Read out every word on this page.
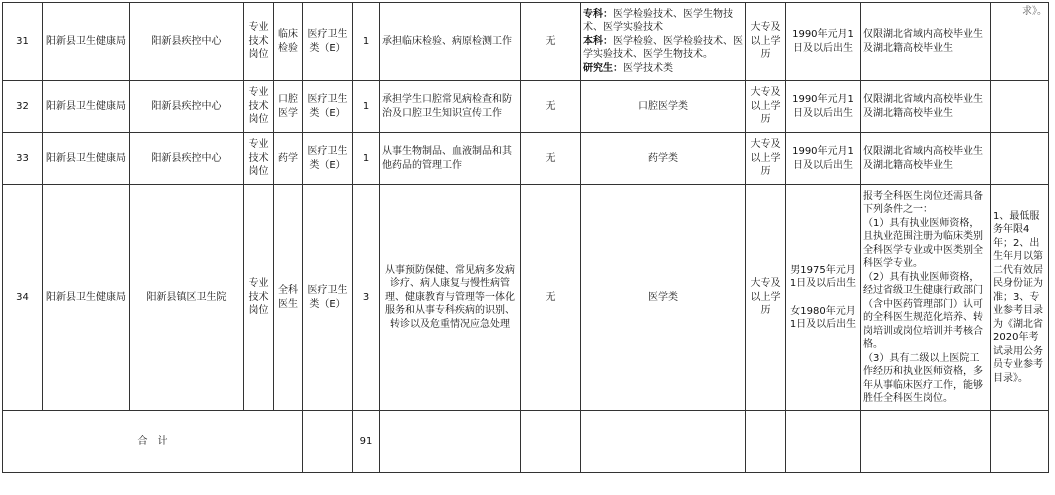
求》。
31	阳新县卫生健康局	阳新县疾控中心	专业技术岗位	临床检验	医疗卫生类（E）	1	承担临床检验、病原检测工作	无	专科：医学检验技术、医学生物技术、医学实验技术
本科：医学检验、医学检验技术、医学实验技术、医学生物技术。
研究生：医学技术类	大专及以上学历	1990年元月1日及以后出生	仅限湖北省域内高校毕业生及湖北籍高校毕业生	
32	阳新县卫生健康局	阳新县疾控中心	专业技术岗位	口腔医学	医疗卫生类（E）	1	承担学生口腔常见病检查和防治及口腔卫生知识宣传工作	无	口腔医学类	大专及以上学历	1990年元月1日及以后出生	仅限湖北省域内高校毕业生及湖北籍高校毕业生	
33	阳新县卫生健康局	阳新县疾控中心	专业技术岗位	药学	医疗卫生类（E）	1	从事生物制品、血液制品和其他药品的管理工作	无	药学类	大专及以上学历	1990年元月1日及以后出生	仅限湖北省域内高校毕业生及湖北籍高校毕业生	
34	阳新县卫生健康局	阳新县镇区卫生院	专业技术岗位	全科医生	医疗卫生类（E）	3	从事预防保健、常见病多发病诊疗、病人康复与慢性病管理、健康教育与管理等一体化服务和从事专科疾病的识别、转诊以及危重情况应急处理	无	医学类	大专及以上学历	男1975年元月1日及以后出生
女1980年元月1日及以后出生	报考全科医生岗位还需具备下列条件之一：
（1）具有执业医师资格，且执业范围注册为临床类别全科医学专业或中医类别全科医学专业。
（2）具有执业医师资格，经过省级卫生健康行政部门（含中医药管理部门）认可的全科医生规范化培养、转岗培训或岗位培训并考核合格。
（3）具有二级以上医院工作经历和执业医师资格，多年从事临床医疗工作，能够胜任全科医生岗位。	1、最低服务年限4年；2、出生年月以第二代有效居民身份证为准；3、专业参考目录为《湖北省2020年考试录用公务员专业参考目录》。
合　计						91							
